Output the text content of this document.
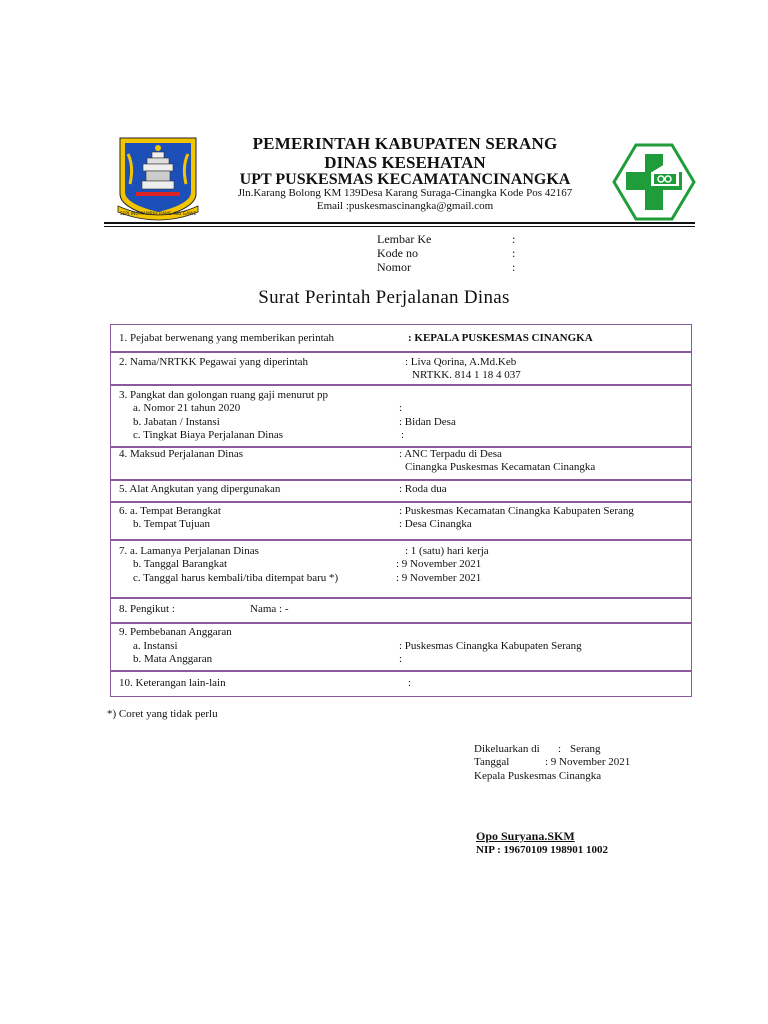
SEPI ING PAMRIH RAME ING GAWE
PEMERINTAH KABUPATEN SERANG
DINAS KESEHATAN
UPT PUSKESMAS KECAMATANCINANGKA
Jln.Karang Bolong KM 139Desa Karang Suraga-Cinangka Kode Pos 42167
Email :puskesmascinangka@gmail.com
Lembar Ke	:
Kode no	:
Nomor	:
Surat Perintah Perjalanan Dinas
1. Pejabat berwenang yang memberikan perintah	: KEPALA PUSKESMAS CINANGKA
2. Nama/NRTKK Pegawai yang diperintah	: Liva Qorina, A.Md.Keb
NRTKK. 814 1 18 4 037
3. Pangkat dan golongan ruang gaji menurut pp
a. Nomor 21 tahun 2020	:
b. Jabatan / Instansi	: Bidan Desa
c. Tingkat Biaya Perjalanan Dinas	:
4. Maksud Perjalanan Dinas	: ANC Terpadu di Desa
Cinangka Puskesmas Kecamatan Cinangka
5. Alat Angkutan yang dipergunakan	: Roda dua
6. a. Tempat Berangkat	: Puskesmas Kecamatan Cinangka Kabupaten Serang
b. Tempat Tujuan	: Desa Cinangka
7. a. Lamanya Perjalanan Dinas	: 1 (satu) hari kerja
b. Tanggal Barangkat	: 9 November 2021
c. Tanggal harus kembali/tiba ditempat baru *)	: 9 November 2021
8. Pengikut :	Nama : -
9. Pembebanan Anggaran
a. Instansi	: Puskesmas Cinangka Kabupaten Serang
b. Mata Anggaran	:
10. Keterangan lain-lain	:
*) Coret yang tidak perlu
Dikeluarkan di : Serang
Tanggal	: 9 November 2021
Kepala Puskesmas Cinangka
Opo Suryana.SKM
NIP : 19670109 198901 1002
